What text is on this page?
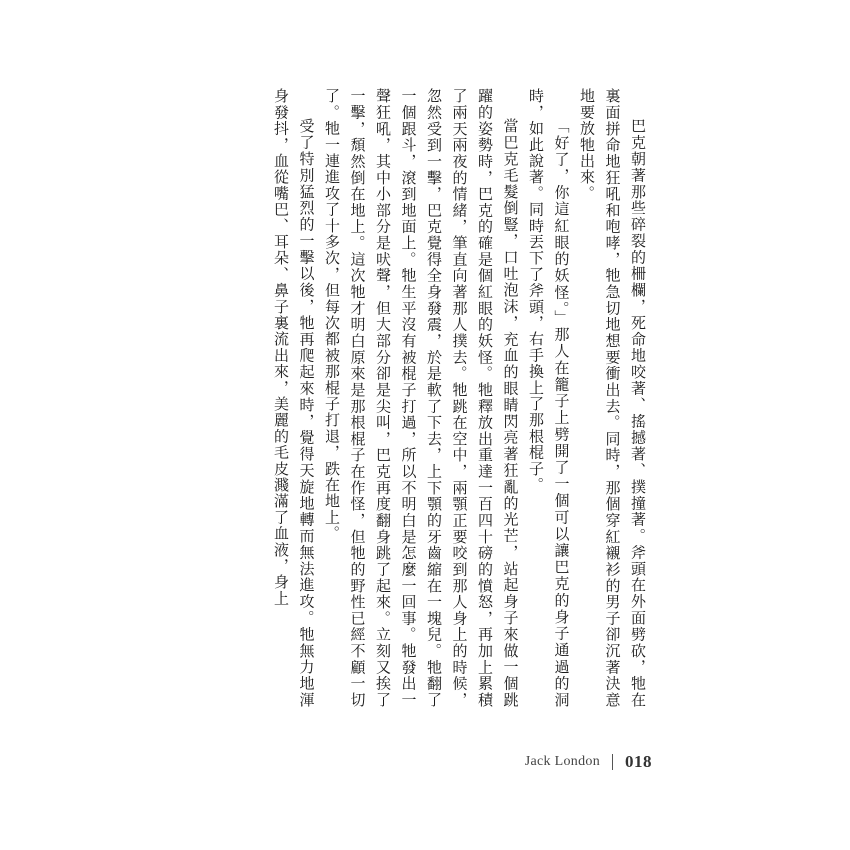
巴克朝著那些碎裂的柵欄，死命地咬著、搖撼著、撲撞著。斧頭在外面劈砍，牠在裏面拼命地狂吼和咆哮，牠急切地想要衝出去。同時，那個穿紅襯衫的男子卻沉著決意地要放牠出來。

「好了，你這紅眼的妖怪。」那人在籠子上劈開了一個可以讓巴克的身子通過的洞時，如此說著。同時丟下了斧頭，右手換上了那根棍子。

當巴克毛髮倒豎，口吐泡沫，充血的眼睛閃亮著狂亂的光芒，站起身子來做一個跳躍的姿勢時，巴克的確是個紅眼的妖怪。牠釋放出重達一百四十磅的憤怒，再加上累積了兩天兩夜的情緒，筆直向著那人撲去。牠跳在空中，兩顎正要咬到那人身上的時候，忽然受到一擊，巴克覺得全身發震，於是軟了下去，上下顎的牙齒縮在一塊兒。牠翻了一個跟斗，滾到地面上。牠生平沒有被棍子打過，所以不明白是怎麼一回事。牠發出一聲狂吼，其中小部分是吠聲，但大部分卻是尖叫，巴克再度翻身跳了起來。立刻又挨了一擊，頹然倒在地上。這次牠才明白原來是那根棍子在作怪，但牠的野性已經不顧一切了。牠一連進攻了十多次，但每次都被那棍子打退，跌在地上。

受了特別猛烈的一擊以後，牠再爬起來時，覺得天旋地轉而無法進攻。牠無力地渾身發抖，血從嘴巴、耳朵、鼻子裏流出來，美麗的毛皮濺滿了血液，身上

Jack London 018
